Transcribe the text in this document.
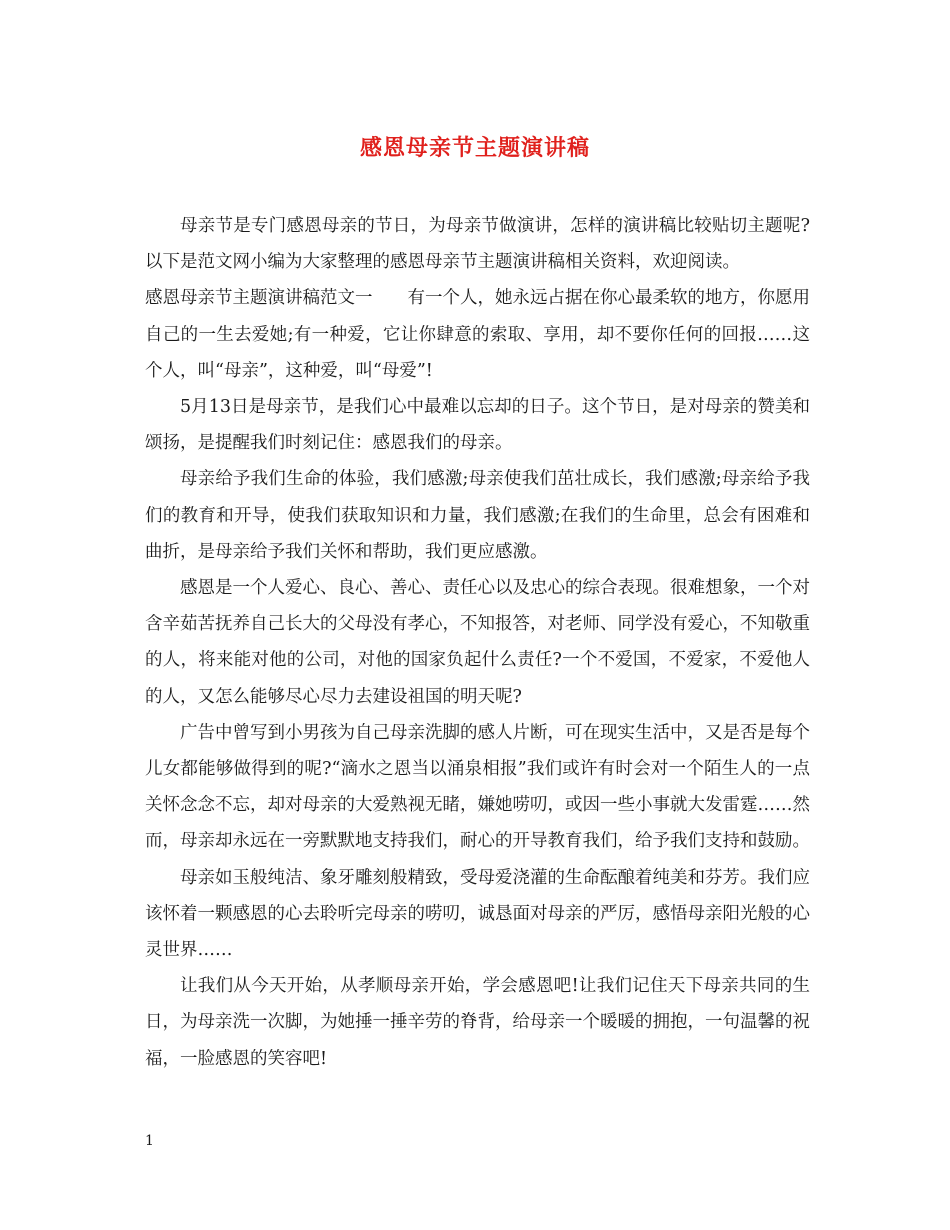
感恩母亲节主题演讲稿

母亲节是专门感恩母亲的节日，为母亲节做演讲，怎样的演讲稿比较贴切主题呢?以下是范文网小编为大家整理的感恩母亲节主题演讲稿相关资料，欢迎阅读。

感恩母亲节主题演讲稿范文一　　有一个人，她永远占据在你心最柔软的地方，你愿用自己的一生去爱她;有一种爱，它让你肆意的索取、享用，却不要你任何的回报……这个人，叫“母亲”，这种爱，叫“母爱”!

5月13日是母亲节，是我们心中最难以忘却的日子。这个节日，是对母亲的赞美和颂扬，是提醒我们时刻记住：感恩我们的母亲。

母亲给予我们生命的体验，我们感激;母亲使我们茁壮成长，我们感激;母亲给予我们的教育和开导，使我们获取知识和力量，我们感激;在我们的生命里，总会有困难和曲折，是母亲给予我们关怀和帮助，我们更应感激。

感恩是一个人爱心、良心、善心、责任心以及忠心的综合表现。很难想象，一个对含辛茹苦抚养自己长大的父母没有孝心，不知报答，对老师、同学没有爱心，不知敬重的人，将来能对他的公司，对他的国家负起什么责任?一个不爱国，不爱家，不爱他人的人，又怎么能够尽心尽力去建设祖国的明天呢?

广告中曾写到小男孩为自己母亲洗脚的感人片断，可在现实生活中，又是否是每个儿女都能够做得到的呢?“滴水之恩当以涌泉相报”我们或许有时会对一个陌生人的一点关怀念念不忘，却对母亲的大爱熟视无睹，嫌她唠叨，或因一些小事就大发雷霆……然而，母亲却永远在一旁默默地支持我们，耐心的开导教育我们，给予我们支持和鼓励。

母亲如玉般纯洁、象牙雕刻般精致，受母爱浇灌的生命酝酿着纯美和芬芳。我们应该怀着一颗感恩的心去聆听完母亲的唠叨，诚恳面对母亲的严厉，感悟母亲阳光般的心灵世界……

让我们从今天开始，从孝顺母亲开始，学会感恩吧!让我们记住天下母亲共同的生日，为母亲洗一次脚，为她捶一捶辛劳的脊背，给母亲一个暖暖的拥抱，一句温馨的祝福，一脸感恩的笑容吧!

1
